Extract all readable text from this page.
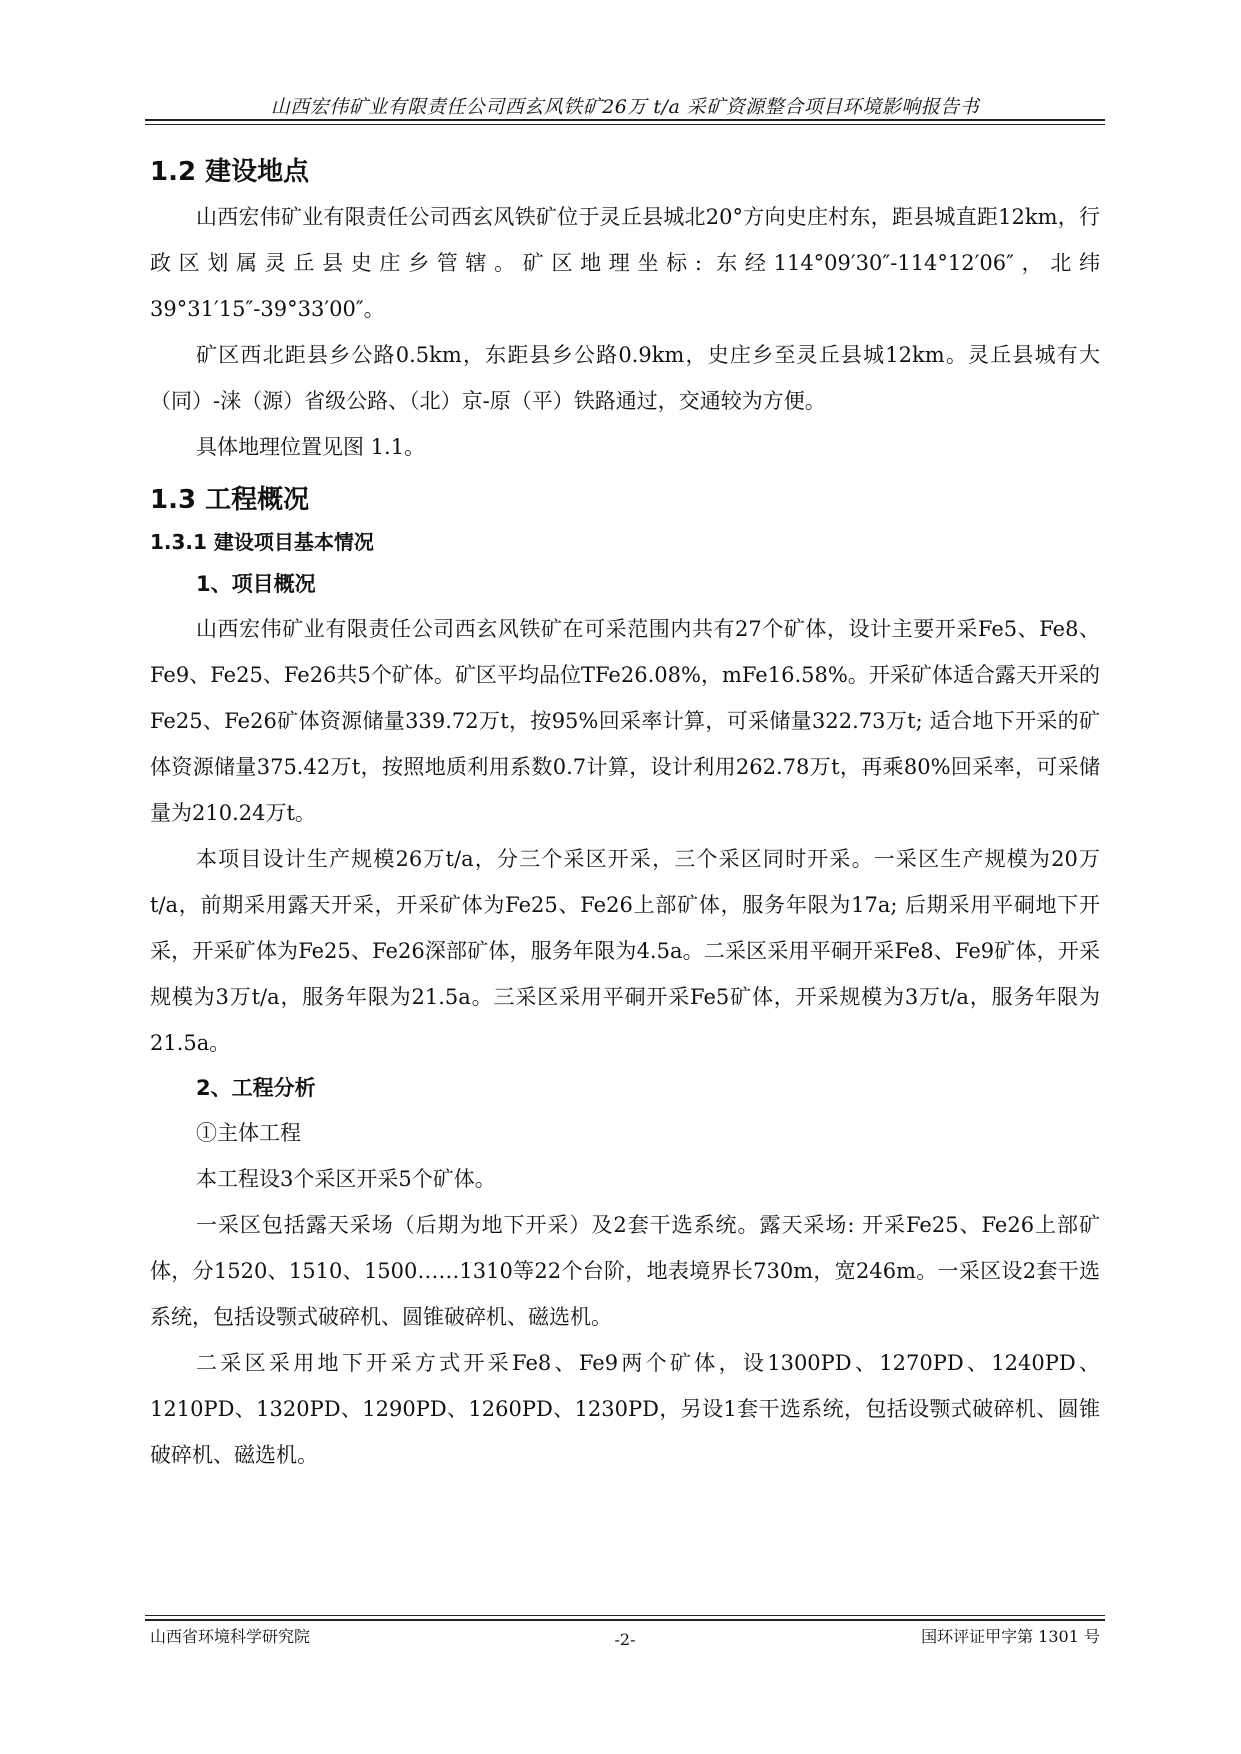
山西宏伟矿业有限责任公司西玄风铁矿26万 t/a 采矿资源整合项目环境影响报告书
1.2 建设地点

山西宏伟矿业有限责任公司西玄风铁矿位于灵丘县城北20°方向史庄村东，距县城直距12km，行政区划属灵丘县史庄乡管辖。矿区地理坐标: 东经114°09′30″-114°12′06″，北纬39°31′15″-39°33′00″。

矿区西北距县乡公路0.5km，东距县乡公路0.9km，史庄乡至灵丘县城12km。灵丘县城有大（同）-涞（源）省级公路、（北）京-原（平）铁路通过，交通较为方便。

具体地理位置见图 1.1。

1.3 工程概况
1.3.1 建设项目基本情况
1、项目概况

山西宏伟矿业有限责任公司西玄风铁矿在可采范围内共有27个矿体，设计主要开采Fe5、Fe8、Fe9、Fe25、Fe26共5个矿体。矿区平均品位TFe26.08%，mFe16.58%。开采矿体适合露天开采的Fe25、Fe26矿体资源储量339.72万t，按95%回采率计算，可采储量322.73万t; 适合地下开采的矿体资源储量375.42万t，按照地质利用系数0.7计算，设计利用262.78万t，再乘80%回采率，可采储量为210.24万t。

本项目设计生产规模26万t/a，分三个采区开采，三个采区同时开采。一采区生产规模为20万t/a，前期采用露天开采，开采矿体为Fe25、Fe26上部矿体，服务年限为17a; 后期采用平硐地下开采，开采矿体为Fe25、Fe26深部矿体，服务年限为4.5a。二采区采用平硐开采Fe8、Fe9矿体，开采规模为3万t/a，服务年限为21.5a。三采区采用平硐开采Fe5矿体，开采规模为3万t/a，服务年限为21.5a。

2、工程分析

①主体工程

本工程设3个采区开采5个矿体。

一采区包括露天采场（后期为地下开采）及2套干选系统。露天采场: 开采Fe25、Fe26上部矿体，分1520、1510、1500……1310等22个台阶，地表境界长730m，宽246m。一采区设2套干选系统，包括设颚式破碎机、圆锥破碎机、磁选机。

二采区采用地下开采方式开采Fe8、Fe9两个矿体，设1300PD、1270PD、1240PD、1210PD、1320PD、1290PD、1260PD、1230PD，另设1套干选系统，包括设颚式破碎机、圆锥破碎机、磁选机。

山西省环境科学研究院	-2-	国环评证甲字第 1301 号
